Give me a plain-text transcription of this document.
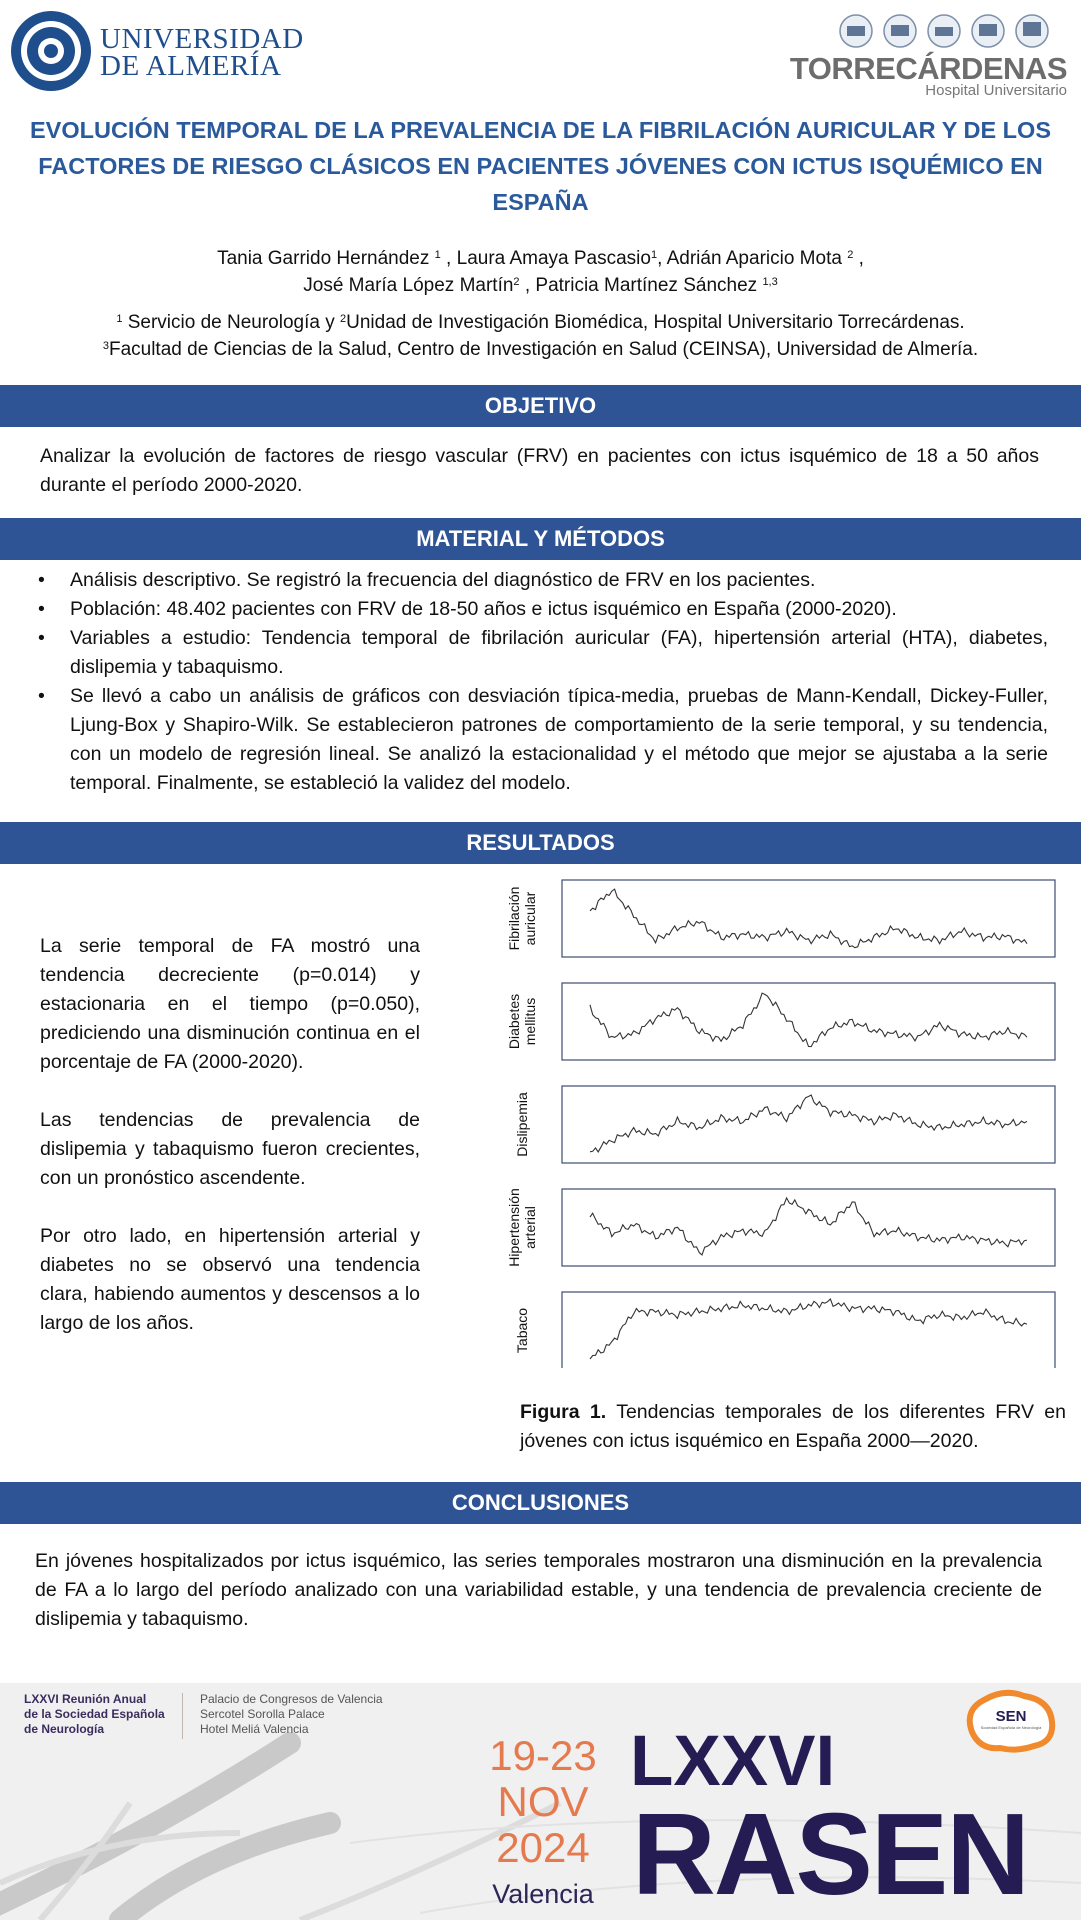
UNIVERSIDAD
DE ALMERÍA	TORRECÁRDENAS
Hospital Universitario
EVOLUCIÓN TEMPORAL DE LA PREVALENCIA DE LA FIBRILACIÓN AURICULAR Y DE LOS FACTORES DE RIESGO CLÁSICOS EN PACIENTES JÓVENES CON ICTUS ISQUÉMICO EN ESPAÑA
Tania Garrido Hernández $^1$ , Laura Amaya Pascasio$^1$, Adrián Aparicio Mota $^2$ ,
José María López Martín$^2$ , Patricia Martínez Sánchez $^{1,3}$
$^1$ Servicio de Neurología y $^2$Unidad de Investigación Biomédica, Hospital Universitario Torrecárdenas.
$^3$Facultad de Ciencias de la Salud, Centro de Investigación en Salud (CEINSA), Universidad de Almería.
OBJETIVO
Analizar la evolución de factores de riesgo vascular (FRV) en pacientes con ictus isquémico de 18 a 50 años durante el período 2000-2020.
MATERIAL Y MÉTODOS
• Análisis descriptivo. Se registró la frecuencia del diagnóstico de FRV en los pacientes.
• Población: 48.402 pacientes con FRV de 18-50 años e ictus isquémico en España (2000-2020).
• Variables a estudio: Tendencia temporal de fibrilación auricular (FA), hipertensión arterial (HTA), diabetes, dislipemia y tabaquismo.
• Se llevó a cabo un análisis de gráficos con desviación típica-media, pruebas de Mann-Kendall, Dickey-Fuller, Ljung-Box y Shapiro-Wilk. Se establecieron patrones de comportamiento de la serie temporal, y su tendencia, con un modelo de regresión lineal. Se analizó la estacionalidad y el método que mejor se ajustaba a la serie temporal. Finalmente, se estableció la validez del modelo.
RESULTADOS

La serie temporal de FA mostró una tendencia decreciente (p=0.014) y estacionaria en el tiempo (p=0.050), prediciendo una disminución continua en el porcentaje de FA (2000-2020).

Las tendencias de prevalencia de dislipemia y tabaquismo fueron crecientes, con un pronóstico ascendente.

Por otro lado, en hipertensión arterial y diabetes no se observó una tendencia clara, habiendo aumentos y descensos a lo largo de los años.

Fibrilaciónauricular
Diabetesmellitus
Dislipemia
Hipertensiónarterial
Tabaco
Figura 1. Tendencias temporales de los diferentes FRV en jóvenes con ictus isquémico en España 2000—2020.
CONCLUSIONES
En jóvenes hospitalizados por ictus isquémico, las series temporales mostraron una disminución en la prevalencia de FA a lo largo del período analizado con una variabilidad estable, y una tendencia de prevalencia creciente de dislipemia y tabaquismo.
LXXVI Reunión Anual
de la Sociedad Española
de Neurología
Palacio de Congresos de Valencia
Sercotel Sorolla Palace
Hotel Meliá Valencia
19-23
NOV
2024
Valencia
LXXVI
RASEN
SEN
Sociedad Española de Neurología
